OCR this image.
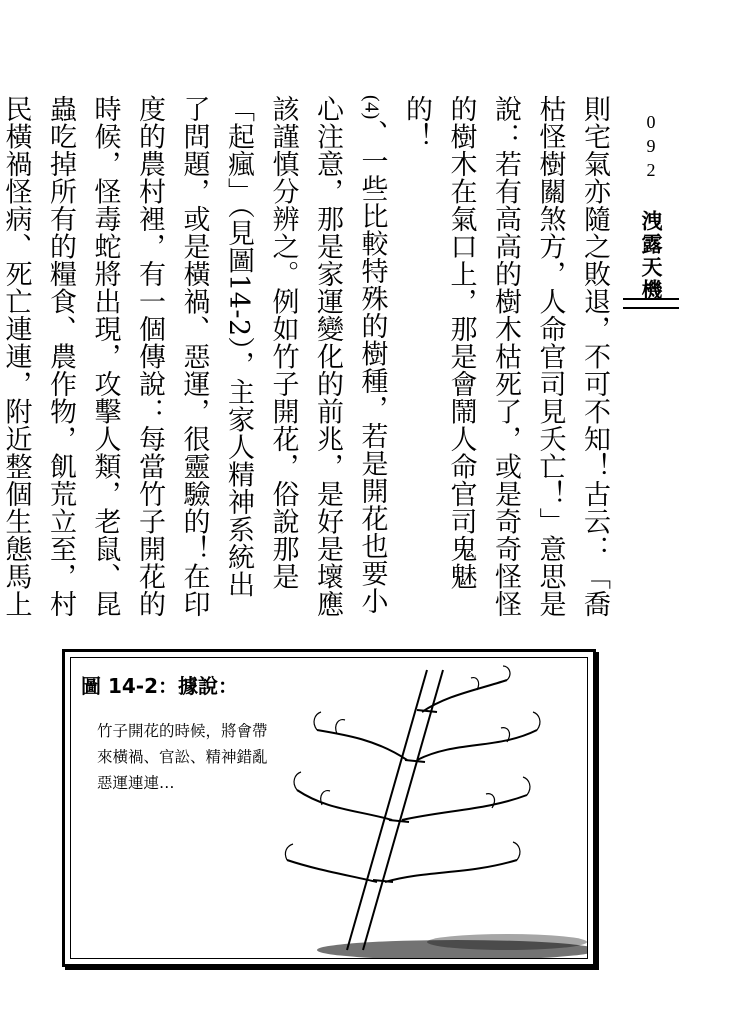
092
洩露天機

則宅氣亦隨之敗退，不可不知！古云：「喬枯怪樹關煞方，人命官司見夭亡！」意思是說：若有高高的樹木枯死了，或是奇奇怪怪的樹木在氣口上，那是會鬧人命官司鬼魅的！

(4)、一些比較特殊的樹種，若是開花也要小心注意，那是家運變化的前兆，是好是壞應該謹慎分辨之。例如竹子開花，俗說那是「起瘋」（見圖14-2），主家人精神系統出了問題，或是橫禍、惡運，很靈驗的！在印度的農村裡，有一個傳說：每當竹子開花的時候，怪毒蛇將出現，攻擊人類，老鼠、昆蟲吃掉所有的糧食、農作物，飢荒立至，村民橫禍怪病、死亡連連，附近整個生態馬上

圖 14-2：據說：
竹子開花的時候，將會帶
來橫禍、官訟、精神錯亂
惡運連連…
